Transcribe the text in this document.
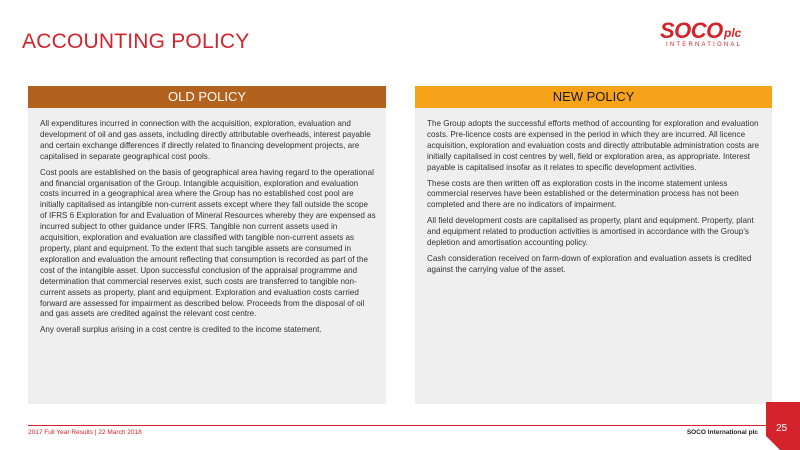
ACCOUNTING POLICY	SOCO plc
INTERNATIONAL
OLD POLICY

All expenditures incurred in connection with the acquisition, exploration, evaluation and development of oil and gas assets, including directly attributable overheads, interest payable and certain exchange differences if directly related to financing development projects, are capitalised in separate geographical cost pools.

Cost pools are established on the basis of geographical area having regard to the operational and financial organisation of the Group. Intangible acquisition, exploration and evaluation costs incurred in a geographical area where the Group has no established cost pool are initially capitalised as intangible non-current assets except where they fall outside the scope of IFRS 6 Exploration for and Evaluation of Mineral Resources whereby they are expensed as incurred subject to other guidance under IFRS. Tangible non current assets used in acquisition, exploration and evaluation are classified with tangible non-current assets as property, plant and equipment. To the extent that such tangible assets are consumed in exploration and evaluation the amount reflecting that consumption is recorded as part of the cost of the intangible asset. Upon successful conclusion of the appraisal programme and determination that commercial reserves exist, such costs are transferred to tangible non-current assets as property, plant and equipment. Exploration and evaluation costs carried forward are assessed for impairment as described below. Proceeds from the disposal of oil and gas assets are credited against the relevant cost centre.

Any overall surplus arising in a cost centre is credited to the income statement.

NEW POLICY

The Group adopts the successful efforts method of accounting for exploration and evaluation costs. Pre-licence costs are expensed in the period in which they are incurred. All licence acquisition, exploration and evaluation costs and directly attributable administration costs are initially capitalised in cost centres by well, field or exploration area, as appropriate. Interest payable is capitalised insofar as it relates to specific development activities.

These costs are then written off as exploration costs in the income statement unless commercial reserves have been established or the determination process has not been completed and there are no indicators of impairment.

All field development costs are capitalised as property, plant and equipment. Property, plant and equipment related to production activities is amortised in accordance with the Group’s depletion and amortisation accounting policy.

Cash consideration received on farm-down of exploration and evaluation assets is credited against the carrying value of the asset.

2017 Full Year Results | 22 March 2018	SOCO International plc 25
